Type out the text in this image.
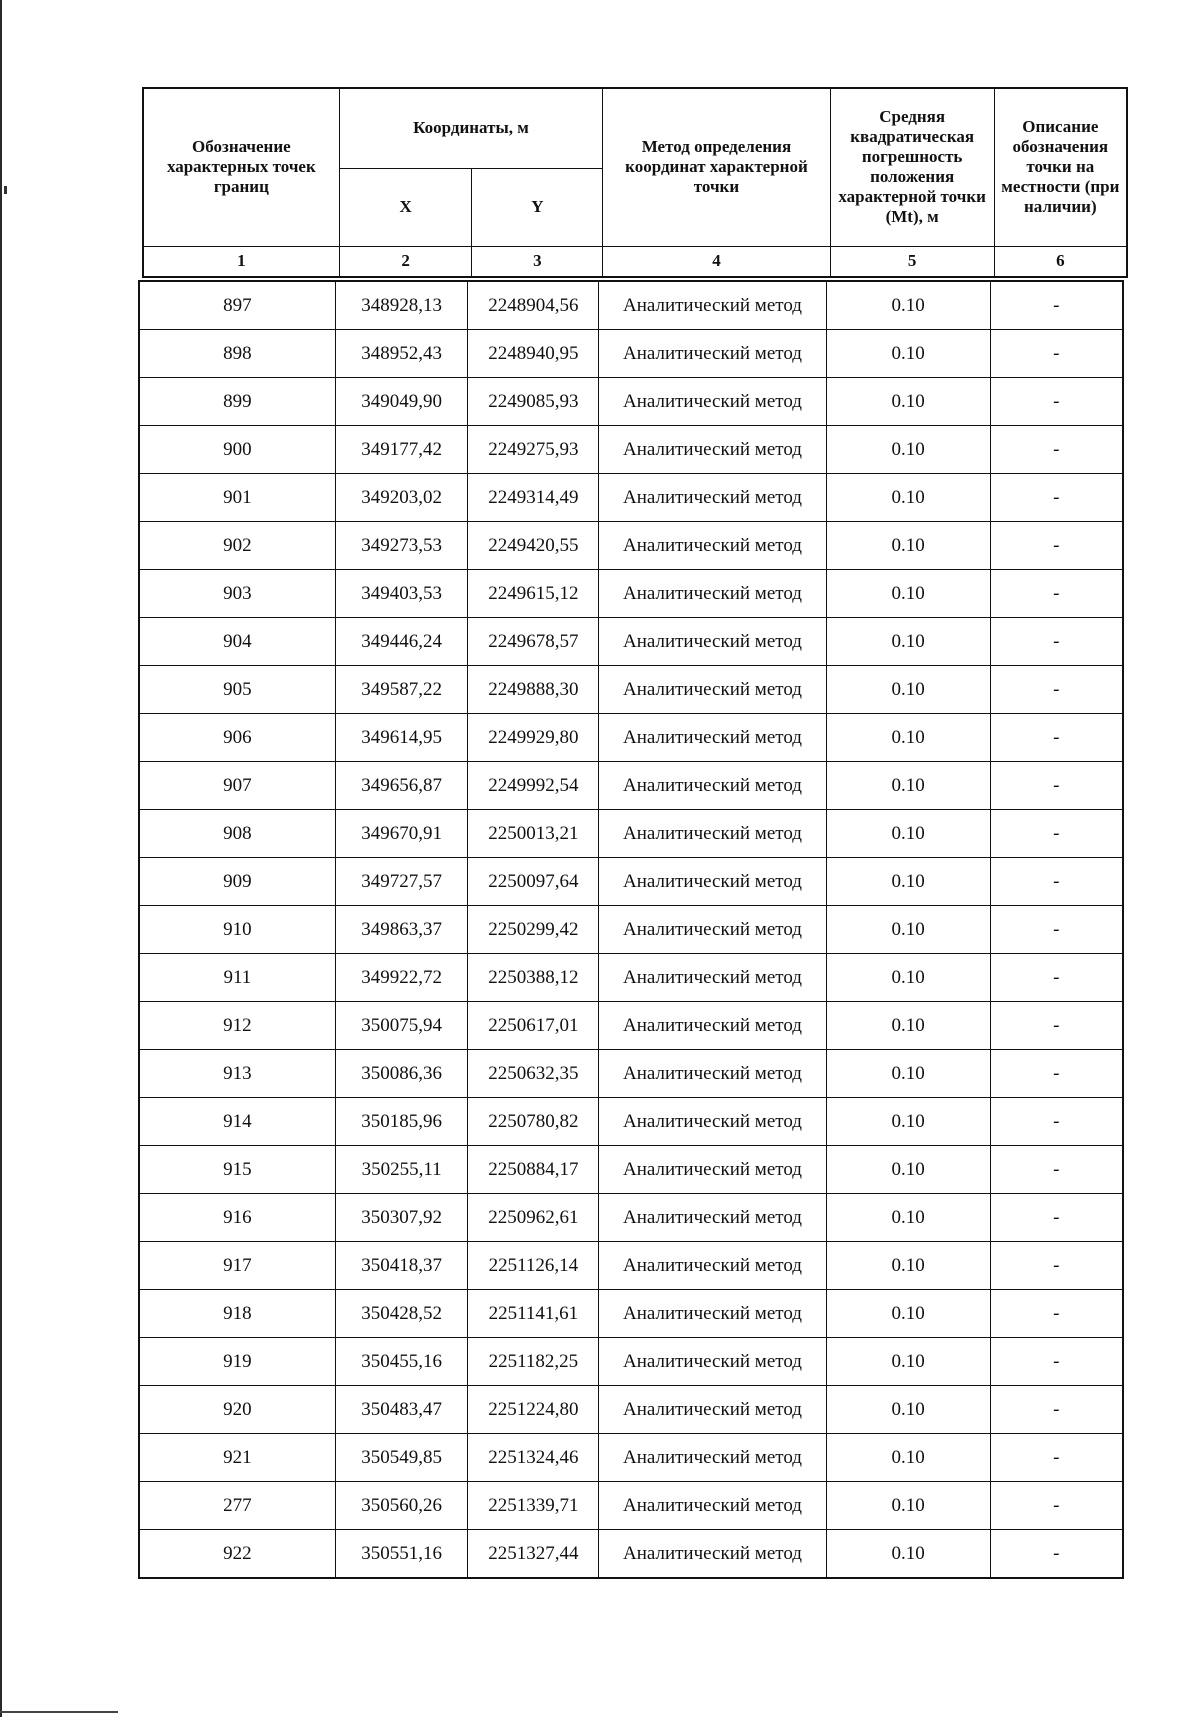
Обозначение характерных точек границ	Координаты, м		Метод определения координат характерной точки	Средняя квадратическая погрешность положения характерной точки (Mt), м	Описание обозначения точки на местности (при наличии)
	X	Y			
1	2	3	4	5	6
897	348928,13	2248904,56	Аналитический метод	0.10	-
898	348952,43	2248940,95	Аналитический метод	0.10	-
899	349049,90	2249085,93	Аналитический метод	0.10	-
900	349177,42	2249275,93	Аналитический метод	0.10	-
901	349203,02	2249314,49	Аналитический метод	0.10	-
902	349273,53	2249420,55	Аналитический метод	0.10	-
903	349403,53	2249615,12	Аналитический метод	0.10	-
904	349446,24	2249678,57	Аналитический метод	0.10	-
905	349587,22	2249888,30	Аналитический метод	0.10	-
906	349614,95	2249929,80	Аналитический метод	0.10	-
907	349656,87	2249992,54	Аналитический метод	0.10	-
908	349670,91	2250013,21	Аналитический метод	0.10	-
909	349727,57	2250097,64	Аналитический метод	0.10	-
910	349863,37	2250299,42	Аналитический метод	0.10	-
911	349922,72	2250388,12	Аналитический метод	0.10	-
912	350075,94	2250617,01	Аналитический метод	0.10	-
913	350086,36	2250632,35	Аналитический метод	0.10	-
914	350185,96	2250780,82	Аналитический метод	0.10	-
915	350255,11	2250884,17	Аналитический метод	0.10	-
916	350307,92	2250962,61	Аналитический метод	0.10	-
917	350418,37	2251126,14	Аналитический метод	0.10	-
918	350428,52	2251141,61	Аналитический метод	0.10	-
919	350455,16	2251182,25	Аналитический метод	0.10	-
920	350483,47	2251224,80	Аналитический метод	0.10	-
921	350549,85	2251324,46	Аналитический метод	0.10	-
277	350560,26	2251339,71	Аналитический метод	0.10	-
922	350551,16	2251327,44	Аналитический метод	0.10	-
